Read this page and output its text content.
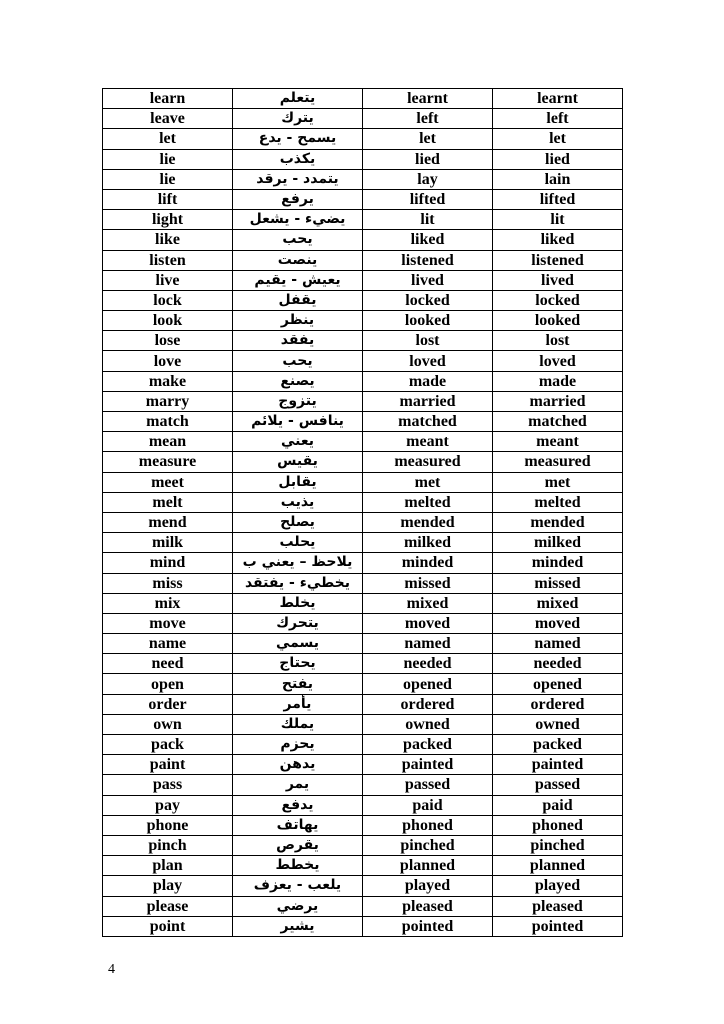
learn	يتعلم	learnt	learnt
leave	يترك	left	left
let	يسمح - يدع	let	let
lie	يكذب	lied	lied
lie	يتمدد - يرقد	lay	lain
lift	يرفع	lifted	lifted
light	يضيء - يشعل	lit	lit
like	يحب	liked	liked
listen	ينصت	listened	listened
live	يعيش - يقيم	lived	lived
lock	يقفل	locked	locked
look	ينظر	looked	looked
lose	يفقد	lost	lost
love	يحب	loved	loved
make	يصنع	made	made
marry	يتزوج	married	married
match	ينافس - يلائم	matched	matched
mean	يعني	meant	meant
measure	يقيس	measured	measured
meet	يقابل	met	met
melt	يذيب	melted	melted
mend	يصلح	mended	mended
milk	يحلب	milked	milked
mind	يلاحظ – يعني ب	minded	minded
miss	يخطيء - يفتقد	missed	missed
mix	يخلط	mixed	mixed
move	يتحرك	moved	moved
name	يسمي	named	named
need	يحتاج	needed	needed
open	يفتح	opened	opened
order	يأمر	ordered	ordered
own	يملك	owned	owned
pack	يحزم	packed	packed
paint	يدهن	painted	painted
pass	يمر	passed	passed
pay	يدفع	paid	paid
phone	يهاتف	phoned	phoned
pinch	يقرص	pinched	pinched
plan	يخطط	planned	planned
play	يلعب - يعزف	played	played
please	يرضي	pleased	pleased
point	يشير	pointed	pointed
4
